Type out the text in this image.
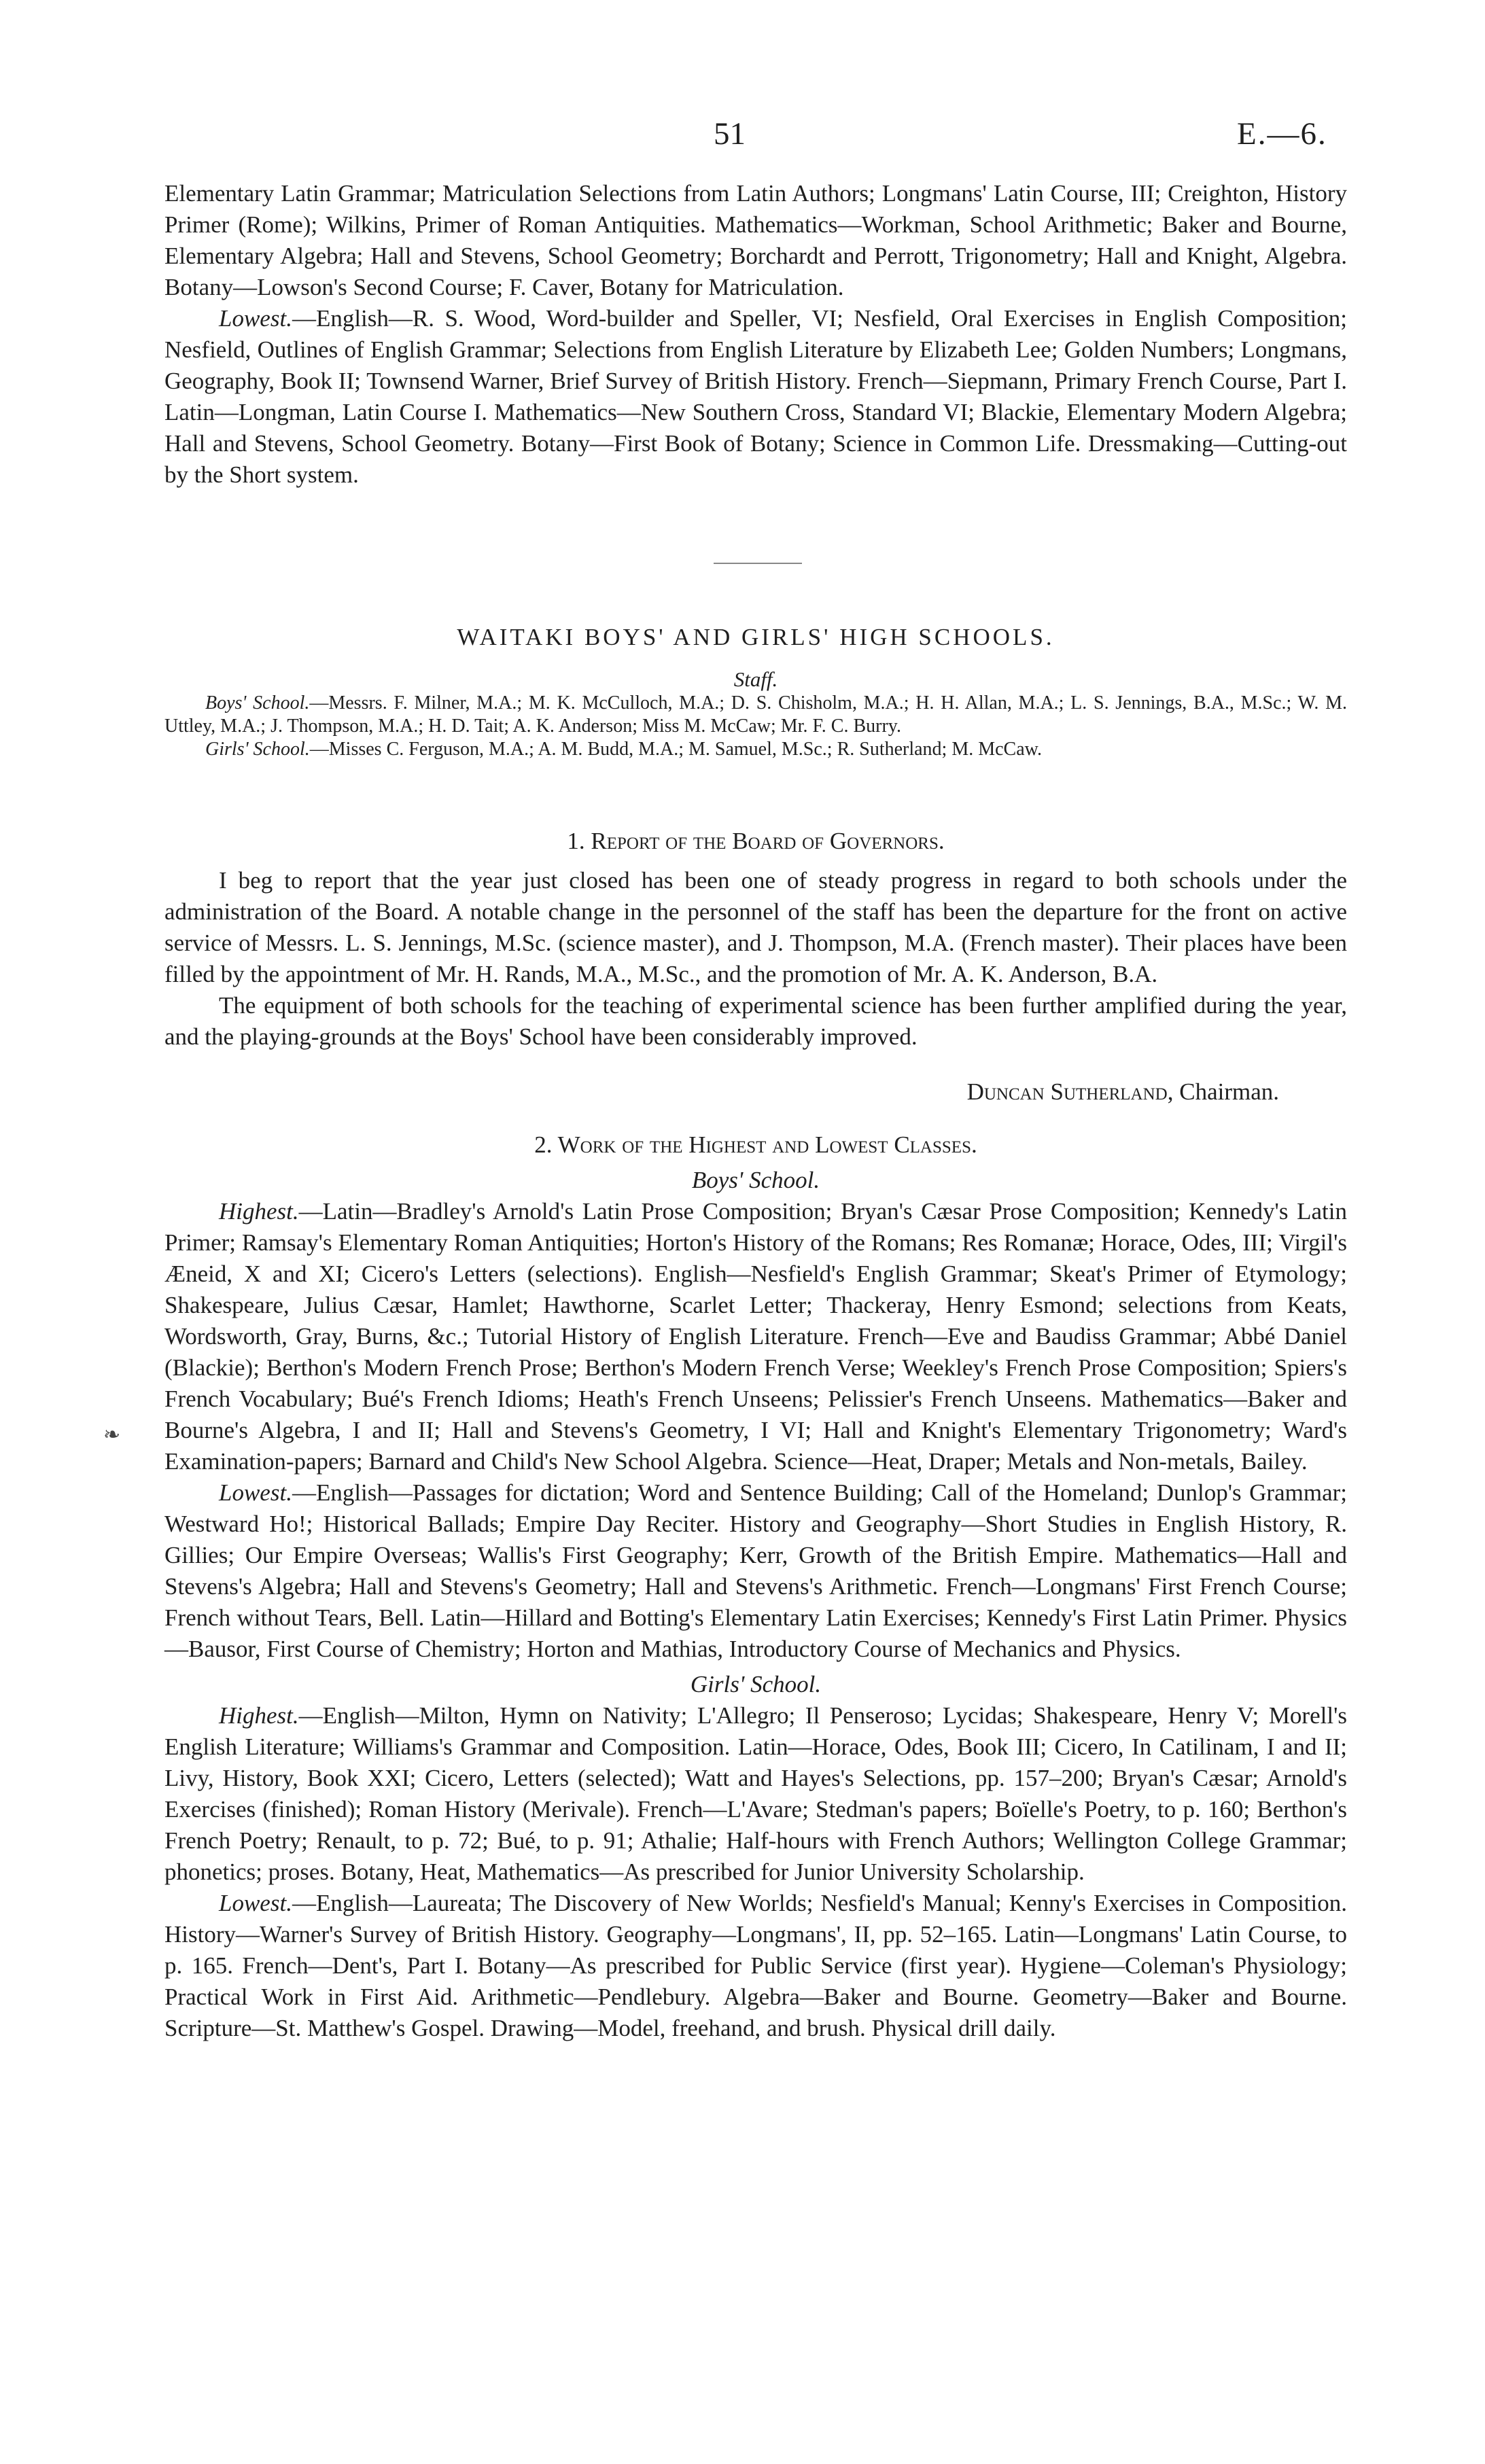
51	E.—6.

Elementary Latin Grammar; Matriculation Selections from Latin Authors; Longmans' Latin Course, III; Creighton, History Primer (Rome); Wilkins, Primer of Roman Antiquities. Mathematics—Workman, School Arithmetic; Baker and Bourne, Elementary Algebra; Hall and Stevens, School Geometry; Borchardt and Perrott, Trigonometry; Hall and Knight, Algebra. Botany—Lowson's Second Course; F. Caver, Botany for Matriculation.

Lowest.—English—R. S. Wood, Word-builder and Speller, VI; Nesfield, Oral Exercises in English Composition; Nesfield, Outlines of English Grammar; Selections from English Literature by Elizabeth Lee; Golden Numbers; Longmans, Geography, Book II; Townsend Warner, Brief Survey of British History. French—Siepmann, Primary French Course, Part I. Latin—Longman, Latin Course I. Mathematics—New Southern Cross, Standard VI; Blackie, Elementary Modern Algebra; Hall and Stevens, School Geometry. Botany—First Book of Botany; Science in Common Life. Dressmaking—Cutting-out by the Short system.

WAITAKI BOYS' AND GIRLS' HIGH SCHOOLS.
Staff.

Boys' School.—Messrs. F. Milner, M.A.; M. K. McCulloch, M.A.; D. S. Chisholm, M.A.; H. H. Allan, M.A.; L. S. Jennings, B.A., M.Sc.; W. M. Uttley, M.A.; J. Thompson, M.A.; H. D. Tait; A. K. Anderson; Miss M. McCaw; Mr. F. C. Burry.

Girls' School.—Misses C. Ferguson, M.A.; A. M. Budd, M.A.; M. Samuel, M.Sc.; R. Sutherland; M. McCaw.

1. Report of the Board of Governors.

I beg to report that the year just closed has been one of steady progress in regard to both schools under the administration of the Board. A notable change in the personnel of the staff has been the departure for the front on active service of Messrs. L. S. Jennings, M.Sc. (science master), and J. Thompson, M.A. (French master). Their places have been filled by the appointment of Mr. H. Rands, M.A., M.Sc., and the promotion of Mr. A. K. Anderson, B.A.

The equipment of both schools for the teaching of experimental science has been further amplified during the year, and the playing-grounds at the Boys' School have been considerably improved.

Duncan Sutherland, Chairman.

2. Work of the Highest and Lowest Classes.

Boys' School.

Highest.—Latin—Bradley's Arnold's Latin Prose Composition; Bryan's Cæsar Prose Composition; Kennedy's Latin Primer; Ramsay's Elementary Roman Antiquities; Horton's History of the Romans; Res Romanæ; Horace, Odes, III; Virgil's Æneid, X and XI; Cicero's Letters (selections). English—Nesfield's English Grammar; Skeat's Primer of Etymology; Shakespeare, Julius Cæsar, Hamlet; Hawthorne, Scarlet Letter; Thackeray, Henry Esmond; selections from Keats, Wordsworth, Gray, Burns, &c.; Tutorial History of English Literature. French—Eve and Baudiss Grammar; Abbé Daniel (Blackie); Berthon's Modern French Prose; Berthon's Modern French Verse; Weekley's French Prose Composition; Spiers's French Vocabulary; Bué's French Idioms; Heath's French Unseens; Pelissier's French Unseens. Mathematics—Baker and Bourne's Algebra, I and II; Hall and Stevens's Geometry, I VI; Hall and Knight's Elementary Trigonometry; Ward's Examination-papers; Barnard and Child's New School Algebra. Science—Heat, Draper; Metals and Non-metals, Bailey.

Lowest.—English—Passages for dictation; Word and Sentence Building; Call of the Homeland; Dunlop's Grammar; Westward Ho!; Historical Ballads; Empire Day Reciter. History and Geography—Short Studies in English History, R. Gillies; Our Empire Overseas; Wallis's First Geography; Kerr, Growth of the British Empire. Mathematics—Hall and Stevens's Algebra; Hall and Stevens's Geometry; Hall and Stevens's Arithmetic. French—Longmans' First French Course; French without Tears, Bell. Latin—Hillard and Botting's Elementary Latin Exercises; Kennedy's First Latin Primer. Physics—Bausor, First Course of Chemistry; Horton and Mathias, Introductory Course of Mechanics and Physics.

Girls' School.

Highest.—English—Milton, Hymn on Nativity; L'Allegro; Il Penseroso; Lycidas; Shakespeare, Henry V; Morell's English Literature; Williams's Grammar and Composition. Latin—Horace, Odes, Book III; Cicero, In Catilinam, I and II; Livy, History, Book XXI; Cicero, Letters (selected); Watt and Hayes's Selections, pp. 157–200; Bryan's Cæsar; Arnold's Exercises (finished); Roman History (Merivale). French—L'Avare; Stedman's papers; Boïelle's Poetry, to p. 160; Berthon's French Poetry; Renault, to p. 72; Bué, to p. 91; Athalie; Half-hours with French Authors; Wellington College Grammar; phonetics; proses. Botany, Heat, Mathematics—As prescribed for Junior University Scholarship.

Lowest.—English—Laureata; The Discovery of New Worlds; Nesfield's Manual; Kenny's Exercises in Composition. History—Warner's Survey of British History. Geography—Longmans', II, pp. 52–165. Latin—Longmans' Latin Course, to p. 165. French—Dent's, Part I. Botany—As prescribed for Public Service (first year). Hygiene—Coleman's Physiology; Practical Work in First Aid. Arithmetic—Pendlebury. Algebra—Baker and Bourne. Geometry—Baker and Bourne. Scripture—St. Matthew's Gospel. Drawing—Model, freehand, and brush. Physical drill daily.

❧
